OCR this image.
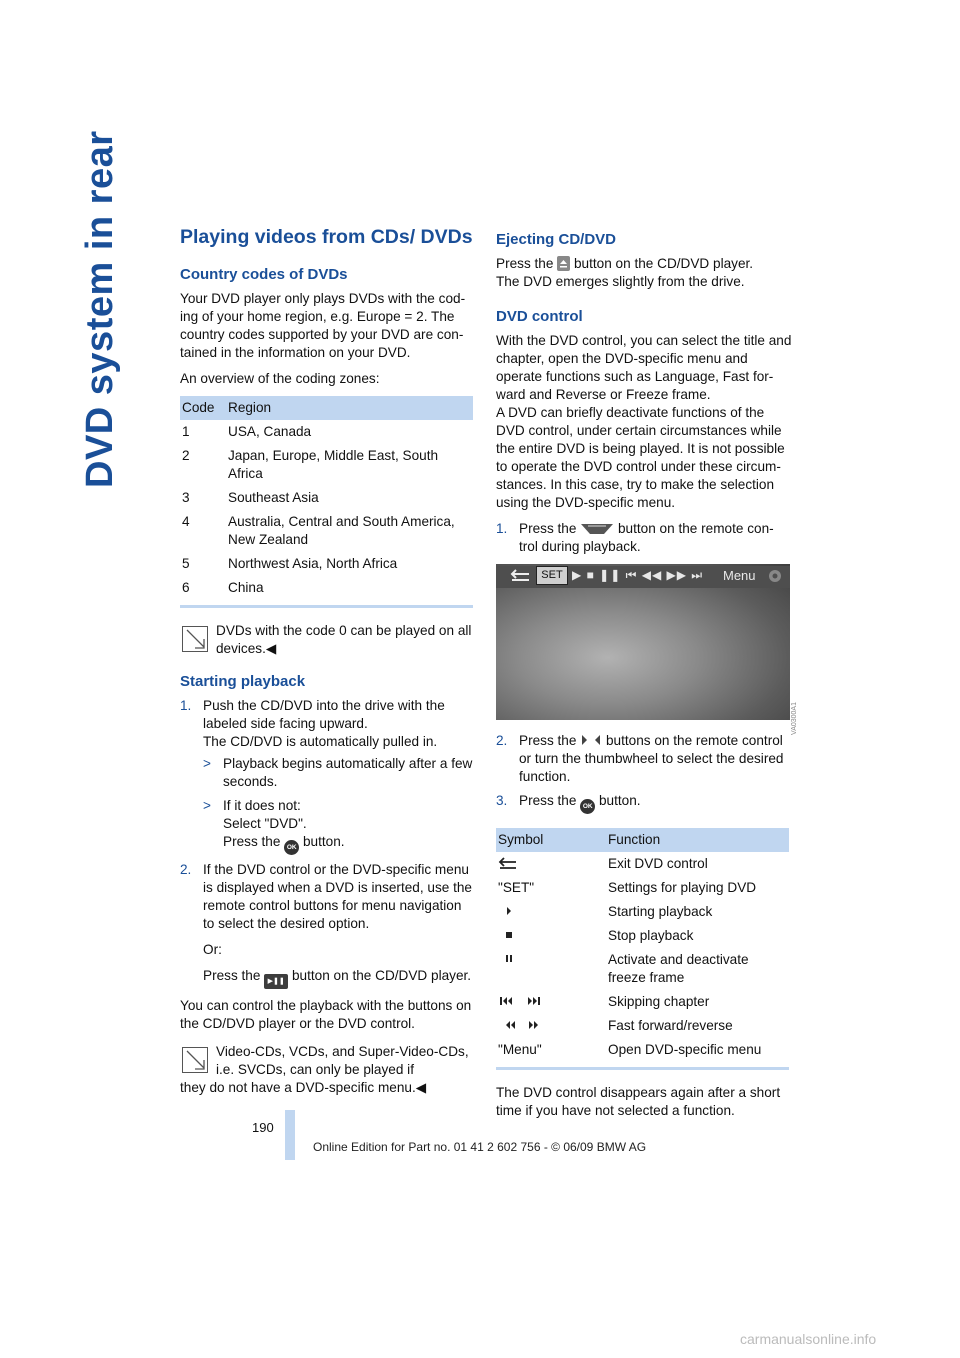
DVD system in rear	Playing videos from CDs/ DVDs
Country codes of DVDs

Your DVD player only plays DVDs with the cod-ing of your home region, e.g. Europe = 2. The country codes supported by your DVD are con-tained in the information on your DVD.

An overview of the coding zones:

Code	Region
1	USA, Canada
2	Japan, Europe, Middle East, South Africa
3	Southeast Asia
4	Australia, Central and South America, New Zealand
5	Northwest Asia, North Africa
6	China
DVDs with the code 0 can be played on all devices.◀
Starting playback
1. Push the CD/DVD into the drive with the labeled side facing upward.
The CD/DVD is automatically pulled in.
> Playback begins automatically after a few seconds.
> If it does not:
Select "DVD".
Press the OK button.
2. If the DVD control or the DVD-specific menu is displayed when a DVD is inserted, use the remote control buttons for menu navigation to select the desired option.

Or:

Press the ▶❚❚ button on the CD/DVD player.

You can control the playback with the buttons on the CD/DVD player or the DVD control.

Video-CDs, VCDs, and Super-Video-CDs, i.e. SVCDs, can only be played if
they do not have a DVD-specific menu.◀
Ejecting CD/DVD

Press the button on the CD/DVD player.
The DVD emerges slightly from the drive.

DVD control

With the DVD control, you can select the title and chapter, open the DVD-specific menu and operate functions such as Language, Fast for-ward and Reverse or Freeze frame.

A DVD can briefly deactivate functions of the DVD control, under certain circumstances while the entire DVD is being played. It is not possible to operate the DVD control under these circum-stances. In this case, try to make the selection using the DVD-specific menu.

1. Press the	button on the remote con-trol during playback.
SET ▶ ■ ❚❚ ⏮ ◀◀ ▶▶ ⏭ Menu
VA0300A1
2. Press the buttons on the remote control or turn the thumbwheel to select the desired function.
3. Press the OK button.
Symbol	Function
	Exit DVD control
"SET"	Settings for playing DVD
	Starting playback
	Stop playback
	Activate and deactivate freeze frame
	Skipping chapter
	Fast forward/reverse
"Menu"	Open DVD-specific menu

The DVD control disappears again after a short time if you have not selected a function.

190
Online Edition for Part no. 01 41 2 602 756 - © 06/09 BMW AG
carmanualsonline.info
